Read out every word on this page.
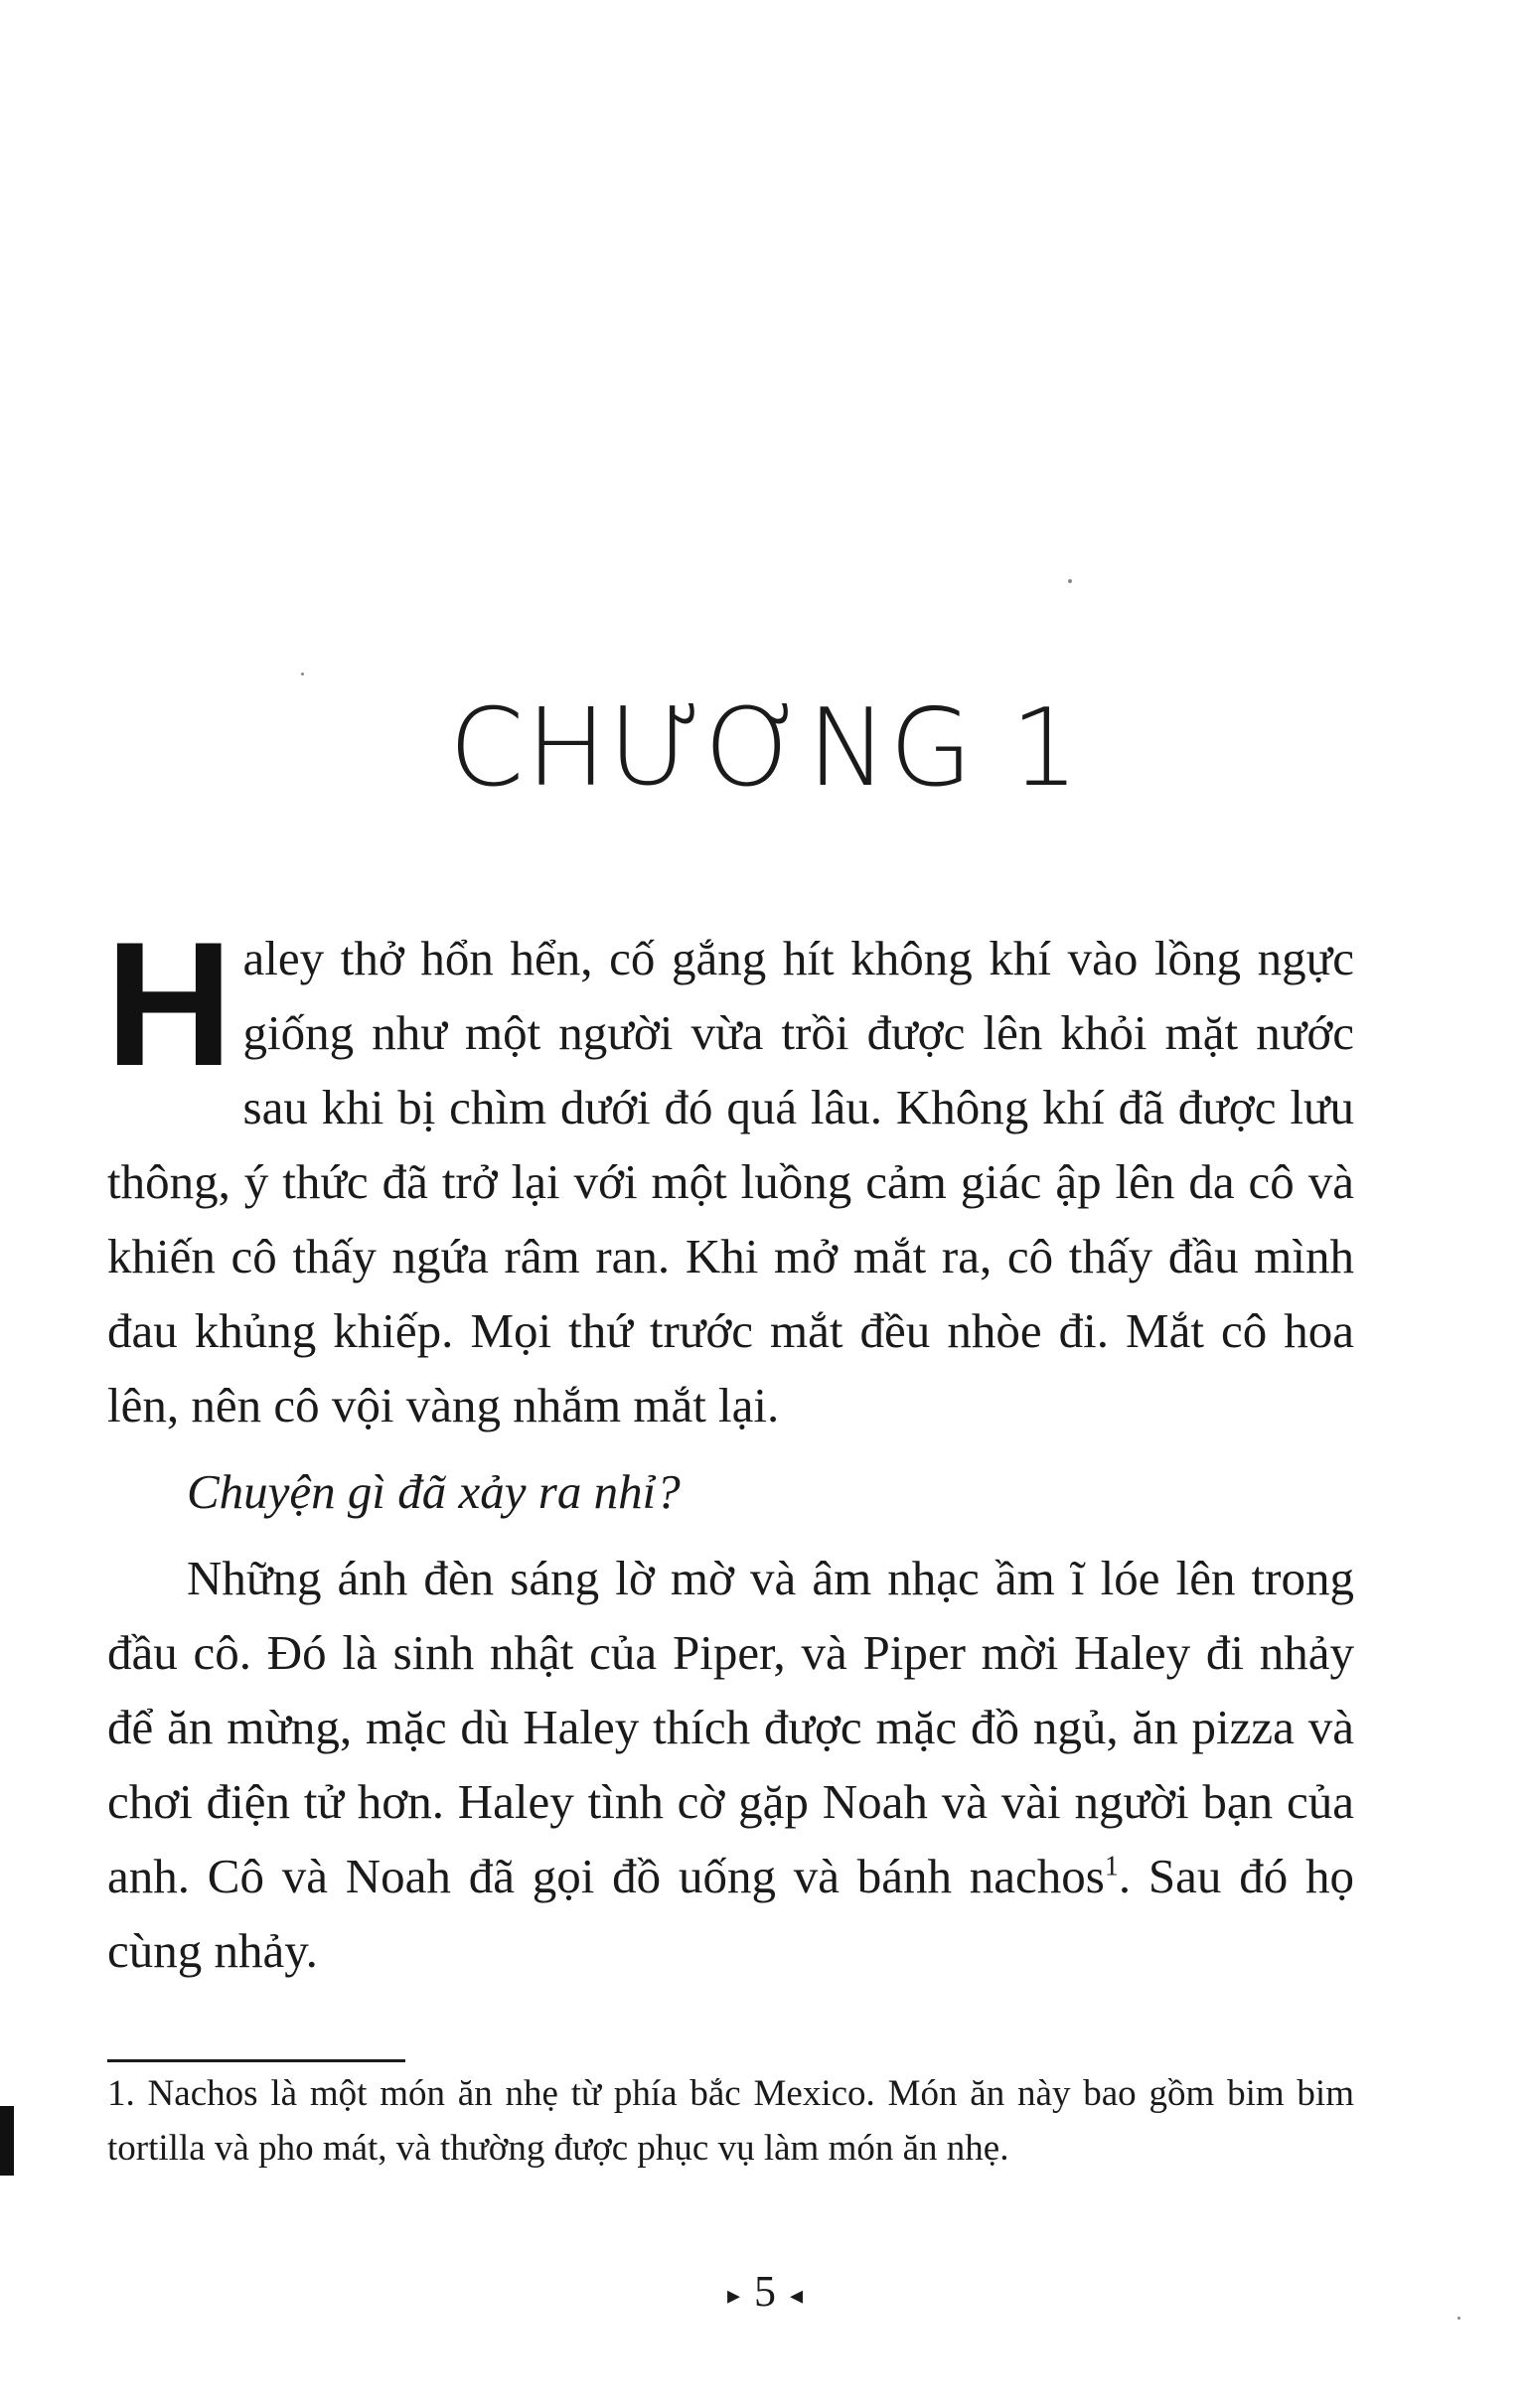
CHƯƠNG 1

Haley thở hổn hển, cố gắng hít không khí vào lồng ngực giống như một người vừa trồi được lên khỏi mặt nước sau khi bị chìm dưới đó quá lâu. Không khí đã được lưu thông, ý thức đã trở lại với một luồng cảm giác ập lên da cô và khiến cô thấy ngứa râm ran. Khi mở mắt ra, cô thấy đầu mình đau khủng khiếp. Mọi thứ trước mắt đều nhòe đi. Mắt cô hoa lên, nên cô vội vàng nhắm mắt lại.

Chuyện gì đã xảy ra nhỉ?

Những ánh đèn sáng lờ mờ và âm nhạc ầm ĩ lóe lên trong đầu cô. Đó là sinh nhật của Piper, và Piper mời Haley đi nhảy để ăn mừng, mặc dù Haley thích được mặc đồ ngủ, ăn pizza và chơi điện tử hơn. Haley tình cờ gặp Noah và vài người bạn của anh. Cô và Noah đã gọi đồ uống và bánh nachos$^1$. Sau đó họ cùng nhảy.

1. Nachos là một món ăn nhẹ từ phía bắc Mexico. Món ăn này bao gồm bim bim tortilla và pho mát, và thường được phục vụ làm món ăn nhẹ.

▸ 5 ◂
